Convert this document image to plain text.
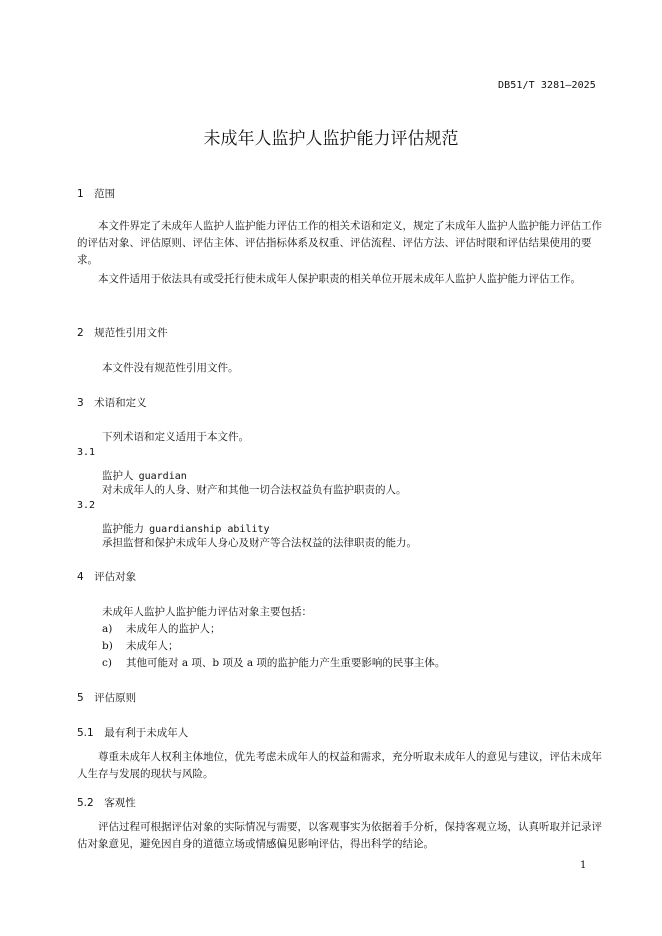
DB51/T 3281—2025
未成年人监护人监护能力评估规范
1　范围
本文件界定了未成年人监护人监护能力评估工作的相关术语和定义，规定了未成年人监护人监护能力评估工作的评估对象、评估原则、评估主体、评估指标体系及权重、评估流程、评估方法、评估时限和评估结果使用的要求。
本文件适用于依法具有或受托行使未成年人保护职责的相关单位开展未成年人监护人监护能力评估工作。
2　规范性引用文件
本文件没有规范性引用文件。
3　术语和定义
下列术语和定义适用于本文件。
3.1
监护人 guardian
对未成年人的人身、财产和其他一切合法权益负有监护职责的人。
3.2
监护能力 guardianship ability
承担监督和保护未成年人身心及财产等合法权益的法律职责的能力。
4　评估对象
未成年人监护人监护能力评估对象主要包括：
a) 未成年人的监护人；
b) 未成年人；
c) 其他可能对 a 项、b 项及 a 项的监护能力产生重要影响的民事主体。
5　评估原则
5.1　最有利于未成年人
尊重未成年人权利主体地位，优先考虑未成年人的权益和需求，充分听取未成年人的意见与建议，评估未成年人生存与发展的现状与风险。
5.2　客观性
评估过程可根据评估对象的实际情况与需要，以客观事实为依据着手分析，保持客观立场，认真听取并记录评估对象意见，避免因自身的道德立场或情感偏见影响评估，得出科学的结论。
1
